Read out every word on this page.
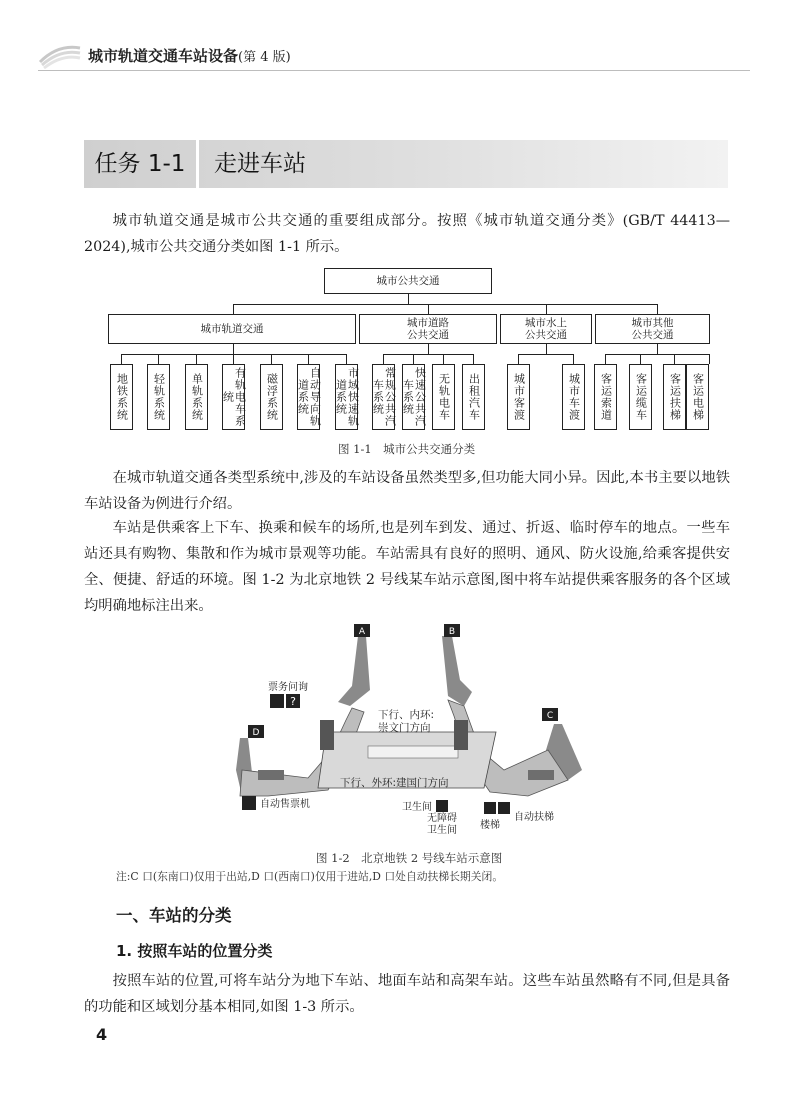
城市轨道交通车站设备(第 4 版)
任务 1-1	走进车站
城市轨道交通是城市公共交通的重要组成部分。按照《城市轨道交通分类》(GB/T 44413—2024),城市公共交通分类如图 1-1 所示。
城市公共交通
城市轨道交通
城市道路
公共交通
城市水上
公共交通
城市其他
公共交通
地铁系统	轻轨系统	单轨系统	有轨电车系统	磁浮系统	自动导向轨道系统	市域快速轨道系统	常规公共汽车系统	快速公共汽车系统	无轨电车	出租汽车	城市客渡	城市车渡	客运索道	客运缆车	客运扶梯 客运电梯
图 1-1　城市公共交通分类
在城市轨道交通各类型系统中,涉及的车站设备虽然类型多,但功能大同小异。因此,本书主要以地铁车站设备为例进行介绍。
车站是供乘客上下车、换乘和候车的场所,也是列车到发、通过、折返、临时停车的地点。一些车站还具有购物、集散和作为城市景观等功能。车站需具有良好的照明、通风、防火设施,给乘客提供安全、便捷、舒适的环境。图 1-2 为北京地铁 2 号线某车站示意图,图中将车站提供乘客服务的各个区域均明确地标注出来。
A	B
C
D
票务问询
?
下行、内环:
崇文门方向
下行、外环:建国门方向
卫生间
无障碍
卫生间 楼梯
自动扶梯
自动售票机
图 1-2　北京地铁 2 号线车站示意图
注:C 口(东南口)仅用于出站,D 口(西南口)仅用于进站,D 口处自动扶梯长期关闭。
一、车站的分类
1. 按照车站的位置分类
按照车站的位置,可将车站分为地下车站、地面车站和高架车站。这些车站虽然略有不同,但是具备的功能和区域划分基本相同,如图 1-3 所示。
4
